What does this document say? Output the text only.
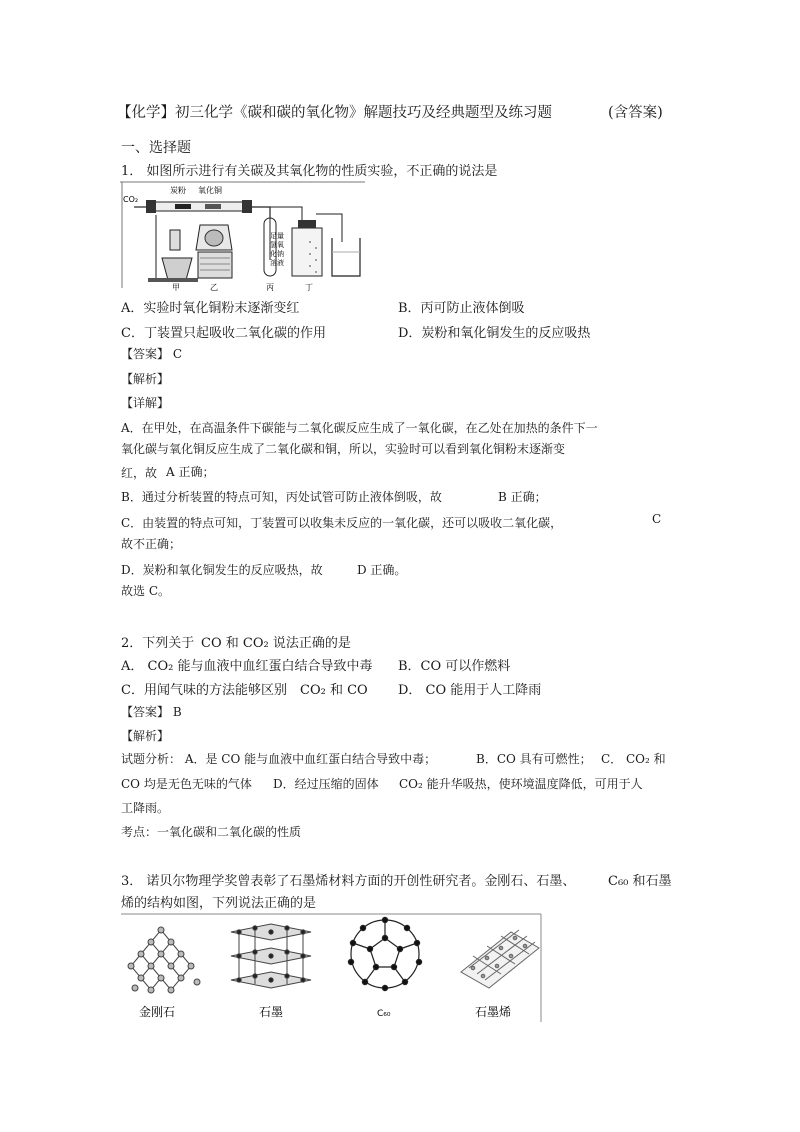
【化学】初三化学《碳和碳的氧化物》解题技巧及经典题型及练习题	(含答案)
一、选择题
1． 如图所示进行有关碳及其氧化物的性质实验，不正确的说法是
CO₂
炭粉 氧化铜
甲	乙	丙
足量
氢氧
化钠
溶液
丁
A．实验时氧化铜粉末逐渐变红	B．丙可防止液体倒吸
C．丁装置只起吸收二氧化碳的作用	D．炭粉和氧化铜发生的反应吸热
【答案】 C
【解析】
【详解】
A．在甲处，在高温条件下碳能与二氧化碳反应生成了一氧化碳，在乙处在加热的条件下一
氧化碳与氧化铜反应生成了二氧化碳和铜，所以，实验时可以看到氧化铜粉末逐渐变
红，故 A 正确；
B．通过分析装置的特点可知，丙处试管可防止液体倒吸，故	B 正确；
C．由装置的特点可知，丁装置可以收集未反应的一氧化碳，还可以吸收二氧化碳，	C
故不正确；
D．炭粉和氧化铜发生的反应吸热，故	D 正确。
故选 C。
2．下列关于 CO 和 CO₂ 说法正确的是
A． CO₂ 能与血液中血红蛋白结合导致中毒 B．CO 可以作燃料
C．用闻气味的方法能够区别 CO₂ 和 CO D． CO 能用于人工降雨
【答案】 B
【解析】
试题分析： A．是 CO 能与血液中血红蛋白结合导致中毒；	B．CO 具有可燃性； C． CO₂ 和
CO 均是无色无味的气体 D．经过压缩的固体 CO₂ 能升华吸热，使环境温度降低，可用于人
工降雨。
考点：一氧化碳和二氧化碳的性质
3． 诺贝尔物理学奖曾表彰了石墨烯材料方面的开创性研究者。金刚石、石墨、	C₆₀ 和石墨
烯的结构如图，下列说法正确的是
金刚石	石墨	C₆₀	石墨烯
